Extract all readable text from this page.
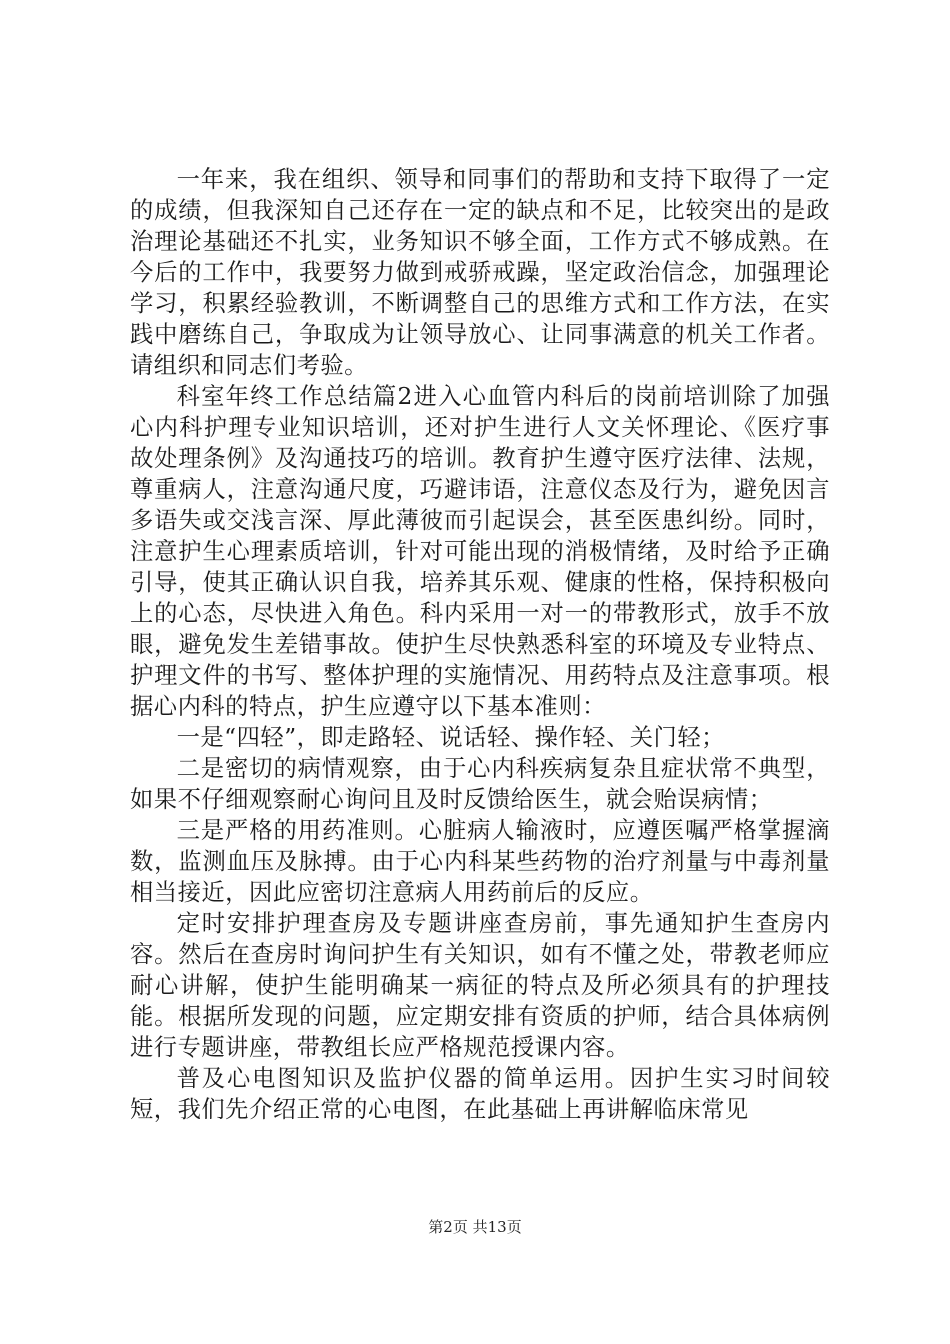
一年来，我在组织、领导和同事们的帮助和支持下取得了一定的成绩，但我深知自己还存在一定的缺点和不足，比较突出的是政治理论基础还不扎实，业务知识不够全面，工作方式不够成熟。在今后的工作中，我要努力做到戒骄戒躁，坚定政治信念，加强理论学习，积累经验教训，不断调整自己的思维方式和工作方法，在实践中磨练自己，争取成为让领导放心、让同事满意的机关工作者。请组织和同志们考验。

科室年终工作总结篇2进入心血管内科后的岗前培训除了加强心内科护理专业知识培训，还对护生进行人文关怀理论、《医疗事故处理条例》及沟通技巧的培训。教育护生遵守医疗法律、法规，尊重病人，注意沟通尺度，巧避讳语，注意仪态及行为，避免因言多语失或交浅言深、厚此薄彼而引起误会，甚至医患纠纷。同时，注意护生心理素质培训，针对可能出现的消极情绪，及时给予正确引导，使其正确认识自我，培养其乐观、健康的性格，保持积极向上的心态，尽快进入角色。科内采用一对一的带教形式，放手不放眼，避免发生差错事故。使护生尽快熟悉科室的环境及专业特点、护理文件的书写、整体护理的实施情况、用药特点及注意事项。根据心内科的特点，护生应遵守以下基本准则：

一是“四轻”，即走路轻、说话轻、操作轻、关门轻；

二是密切的病情观察，由于心内科疾病复杂且症状常不典型，如果不仔细观察耐心询问且及时反馈给医生，就会贻误病情；

三是严格的用药准则。心脏病人输液时，应遵医嘱严格掌握滴数，监测血压及脉搏。由于心内科某些药物的治疗剂量与中毒剂量相当接近，因此应密切注意病人用药前后的反应。

定时安排护理查房及专题讲座查房前，事先通知护生查房内容。然后在查房时询问护生有关知识，如有不懂之处，带教老师应耐心讲解，使护生能明确某一病征的特点及所必须具有的护理技能。根据所发现的问题，应定期安排有资质的护师，结合具体病例进行专题讲座，带教组长应严格规范授课内容。

普及心电图知识及监护仪器的简单运用。因护生实习时间较短，我们先介绍正常的心电图，在此基础上再讲解临床常见

第2页 共13页
